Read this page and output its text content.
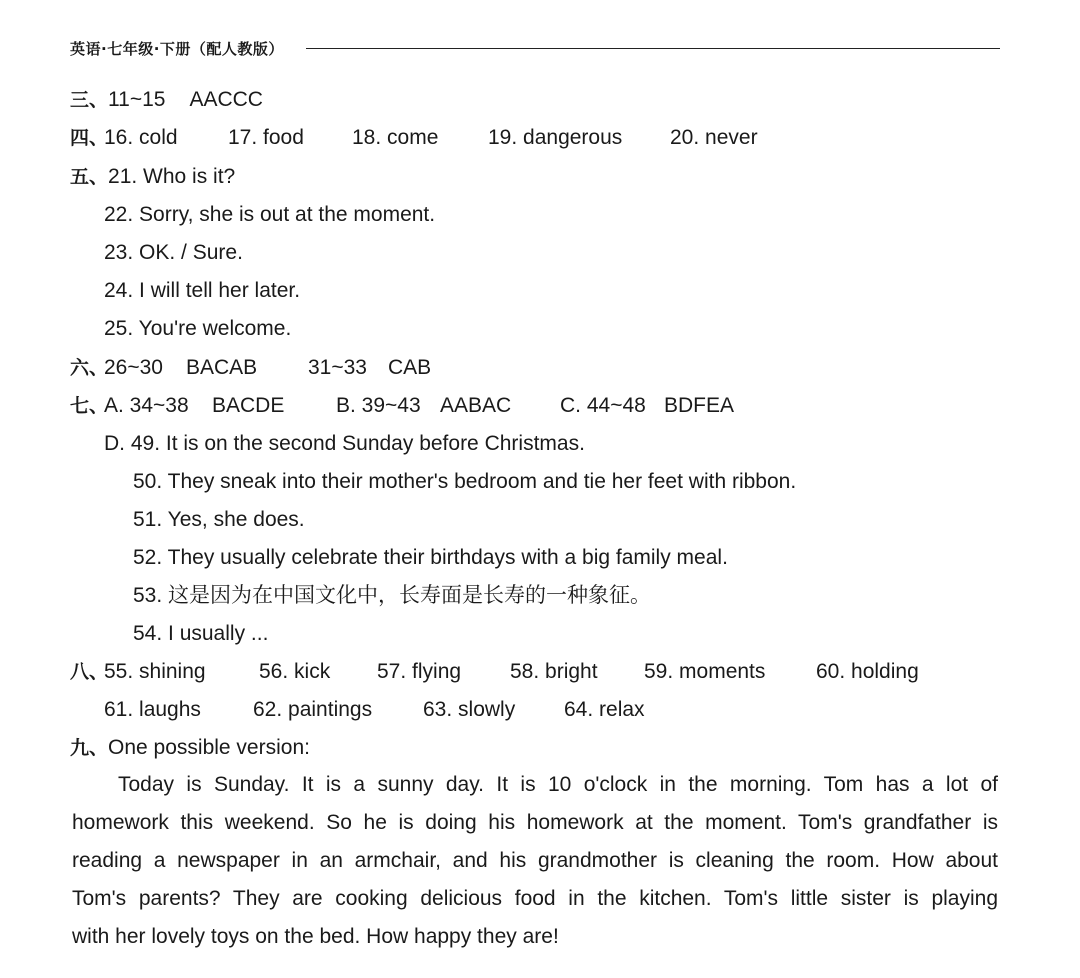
英语·七年级·下册（配人教版）
三、11~15 AACCC
四、
16. cold 17. food 18. come 19. dangerous 20. never
五、21. Who is it?
22. Sorry, she is out at the moment.
23. OK. / Sure.
24. I will tell her later.
25. You're welcome.
六、
26~30 BACAB 31~33 CAB
七、
A. 34~38 BACDE B. 39~43 AABAC C. 44~48 BDFEA
D. 49. It is on the second Sunday before Christmas.
50. They sneak into their mother's bedroom and tie her feet with ribbon.
51. Yes, she does.
52. They usually celebrate their birthdays with a big family meal.
53. 这是因为在中国文化中，长寿面是长寿的一种象征。
54. I usually ...
八、
55. shining	56. kick 57. flying 58. bright 59. moments 60. holding
61. laughs 62. paintings 63. slowly 64. relax
九、One possible version:
Today is Sunday. It is a sunny day. It is 10 o'clock in the morning. Tom has a lot of
homework this weekend. So he is doing his homework at the moment. Tom's grandfather is
reading a newspaper in an armchair, and his grandmother is cleaning the room. How about
Tom's parents? They are cooking delicious food in the kitchen. Tom's little sister is playing
with her lovely toys on the bed. How happy they are!
